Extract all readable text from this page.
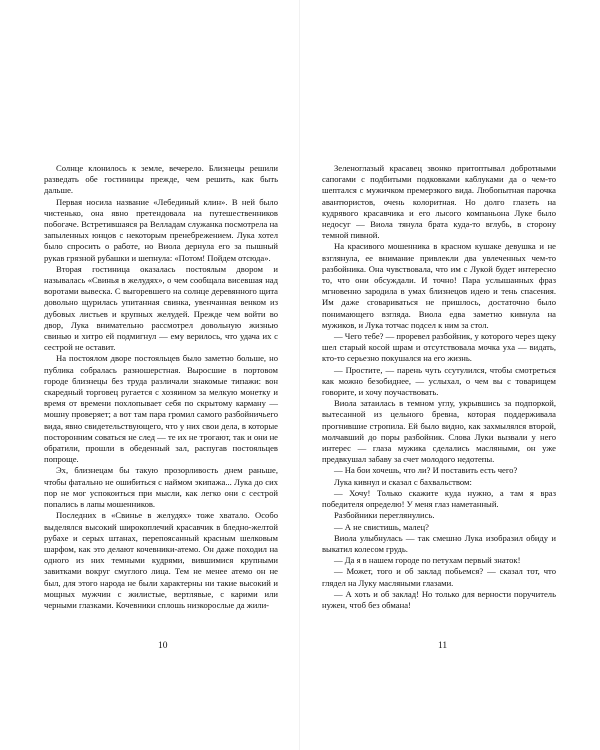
Солнце клонилось к земле, вечерело. Близнецы решили разведать обе гостиницы прежде, чем решить, как быть дальше.

Первая носила название «Лебединый клин». В ней было чистенько, она явно претендовала на путешественников побогаче. Встретившаяся ра Велладам служанка посмотрела на запыленных юнцов с некоторым пренебрежением. Лука хотел было спросить о работе, но Виола дернула его за пышный рукав грязной рубашки и шепнула: «Потом! Пойдем отсюда».

Вторая гостиница оказалась постоялым двором и называлась «Свинья в желудях», о чем сообщала висевшая над воротами вывеска. С выгоревшего на солнце деревянного щита довольно щурилась упитанная свинка, увенчанная венком из дубовых листьев и крупных желудей. Прежде чем войти во двор, Лука внимательно рассмотрел довольную жизнью свинью и хитро ей подмигнул — ему верилось, что удача их с сестрой не оставит.

На постоялом дворе постояльцев было заметно больше, но публика собралась разношерстная. Выросшие в портовом городе близнецы без труда различали знакомые типажи: вон скаредный торговец ругается с хозяином за мелкую монетку и время от времени похлопывает себя по скрытому карману — мошну проверяет; а вот там пара громил самого разбойничьего вида, явно свидетельствующего, что у них свои дела, в которые посторонним соваться не след — те их не трогают, так и они не обратили, прошли в обеденный зал, распугав постояльцев попроще.

Эх, близнецам бы такую прозорливость днем раньше, чтобы фатально не ошибиться с наймом экипажа... Лука до сих пор не мог успокоиться при мысли, как легко они с сестрой попались в лапы мошенников.

Последних в «Свинье в желудях» тоже хватало. Особо выделялся высокий широкоплечий красавчик в бледно-желтой рубахе и серых штанах, перепоясанный красным шелковым шарфом, как это делают кочевники-атемо. Он даже походил на одного из них темными кудрями, вившимися крупными завитками вокруг смуглого лица. Тем не менее атемо он не был, для этого народа не были характерны ни такие высокий и мощных мужчин с жилистые, вертлявые, с карими или черными глазками. Кочевники сплошь низкорослые да жили-

10

Зеленоглазый красавец звонко притоптывал добротными сапогами с подбитыми подковками каблуками да о чем-то шептался с мужичком премерзкого вида. Любопытная парочка авантюристов, очень колоритная. Но долго глазеть на кудрявого красавчика и его лысого компаньона Луке было недосуг — Виола тянула брата куда-то вглубь, в сторону темной пивной.

На красивого мошенника в красном кушаке девушка и не взглянула, ее внимание привлекли два увлеченных чем-то разбойника. Она чувствовала, что им с Лукой будет интересно то, что они обсуждали. И точно! Пара услышанных фраз мгновенно зародила в умах близнецов идею и тень спасения. Им даже сговариваться не пришлось, достаточно было понимающего взгляда. Виола едва заметно кивнула на мужиков, и Лука тотчас подсел к ним за стол.

— Чего тебе? — проревел разбойник, у которого через щеку шел старый косой шрам и отсутствовала мочка уха — видать, кто-то серьезно покушался на его жизнь.

— Простите, — парень чуть ссутулился, чтобы смотреться как можно безобиднее, — услыхал, о чем вы с товарищем говорите, и хочу поучаствовать.

Виола затаилась в темном углу, укрывшись за подпоркой, вытесанной из цельного бревна, которая поддерживала прогнившие стропила. Ей было видно, как захмылялся второй, молчавший до поры разбойник. Слова Луки вызвали у него интерес — глаза мужика сделались масляными, он уже предвкушал забаву за счет молодого недотепы.

— На бои хочешь, что ли? И поставить есть чего?

Лука кивнул и сказал с бахвальством:

— Хочу! Только скажите куда нужно, а там я враз победителя определю! У меня глаз наметанный.

Разбойники переглянулись.

— А не свистишь, малец?

Виола улыбнулась — так смешно Лука изобразил обиду и выкатил колесом грудь.

— Да я в нашем городе по петухам первый знаток!

— Может, того и об заклад побьемся? — сказал тот, что глядел на Луку масляными глазами.

— А хоть и об заклад! Но только для верности поручитель нужен, чтоб без обмана!

11
